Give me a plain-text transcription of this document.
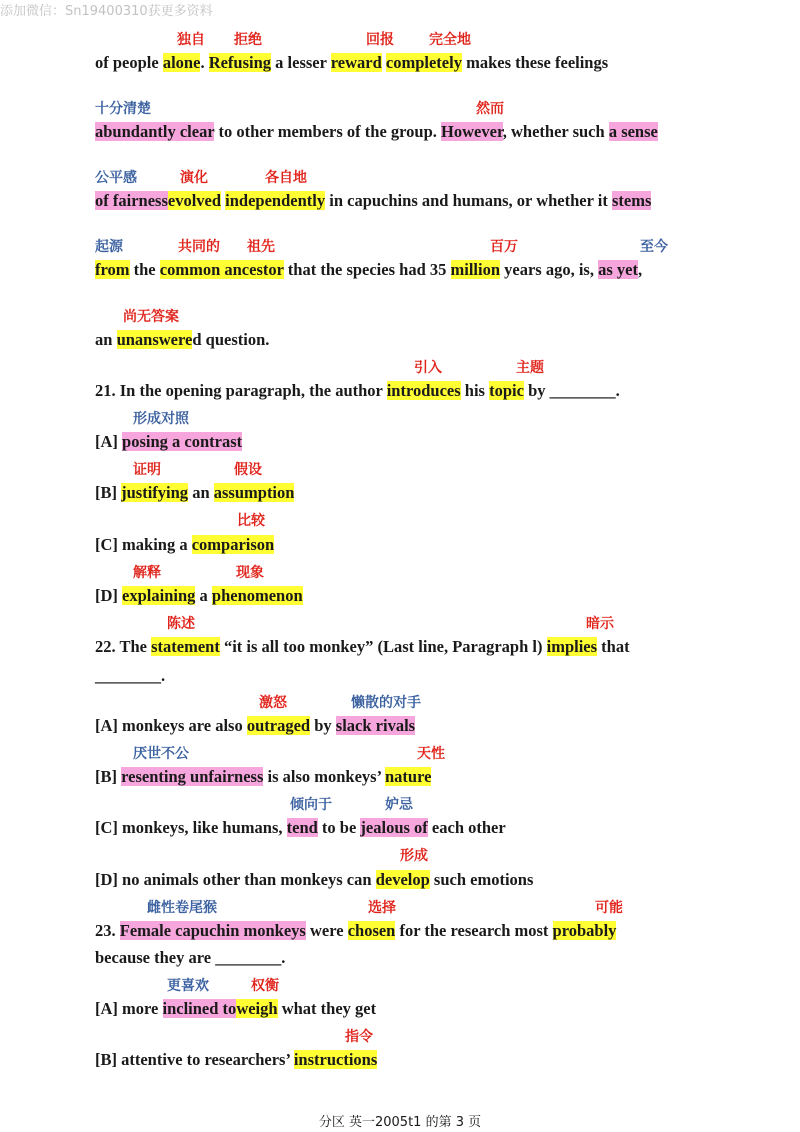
添加微信：Sn19400310获更多资料
独自 拒绝	回报	完全地
of people alone. Refusing a lesser reward completely makes these feelings
十分清楚	然而
abundantly clear to other members of the group. However, whether such a sense
公平感	演化	各自地
of fairnessevolved independently in capuchins and humans, or whether it stems
起源	共同的 祖先	百万	至今
from the common ancestor that the species had 35 million years ago, is, as yet,
尚无答案
an unanswered question.
引入	主题
21. In the opening paragraph, the author introduces his topic by ________.
形成对照
[A] posing a contrast
证明	假设
[B] justifying an assumption
比较
[C] making a comparison
解释	现象
[D] explaining a phenomenon
陈述	暗示
22. The statement “it is all too monkey” (Last line, Paragraph l) implies that
________.
激怒	懒散的对手
[A] monkeys are also outraged by slack rivals
厌世不公	天性
[B] resenting unfairness is also monkeys’ nature
倾向于	妒忌
[C] monkeys, like humans, tend to be jealous of each other
形成
[D] no animals other than monkeys can develop such emotions
雌性卷尾猴	选择	可能
23. Female capuchin monkeys were chosen for the research most probably
because they are ________.
更喜欢	权衡
[A] more inclined toweigh what they get
指令
[B] attentive to researchers’ instructions
分区 英一2005t1 的第 3 页
